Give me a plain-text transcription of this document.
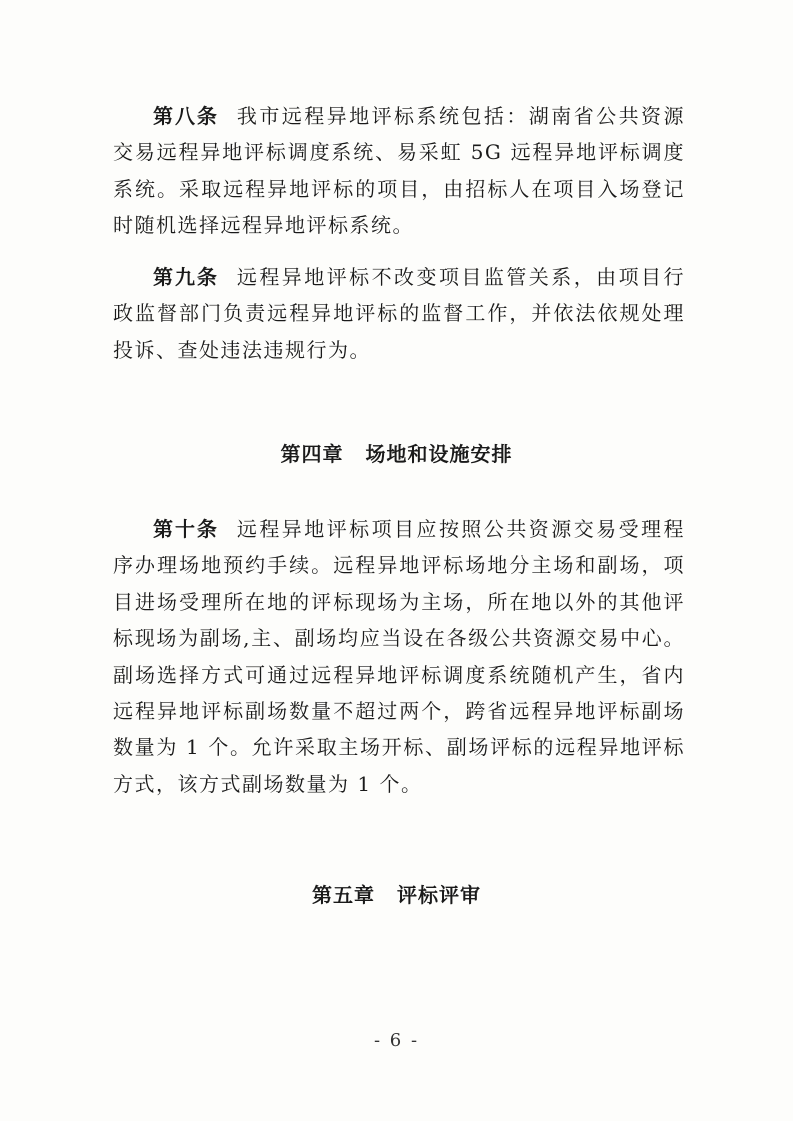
第八条 我市远程异地评标系统包括：湖南省公共资源交易远程异地评标调度系统、易采虹 5G 远程异地评标调度系统。采取远程异地评标的项目，由招标人在项目入场登记时随机选择远程异地评标系统。

第九条 远程异地评标不改变项目监管关系，由项目行政监督部门负责远程异地评标的监督工作，并依法依规处理投诉、查处违法违规行为。

第四章 场地和设施安排

第十条 远程异地评标项目应按照公共资源交易受理程序办理场地预约手续。远程异地评标场地分主场和副场，项目进场受理所在地的评标现场为主场，所在地以外的其他评标现场为副场,主、副场均应当设在各级公共资源交易中心。副场选择方式可通过远程异地评标调度系统随机产生，省内远程异地评标副场数量不超过两个，跨省远程异地评标副场数量为 1 个。允许采取主场开标、副场评标的远程异地评标方式，该方式副场数量为 1 个。

第五章 评标评审
- 6 -
